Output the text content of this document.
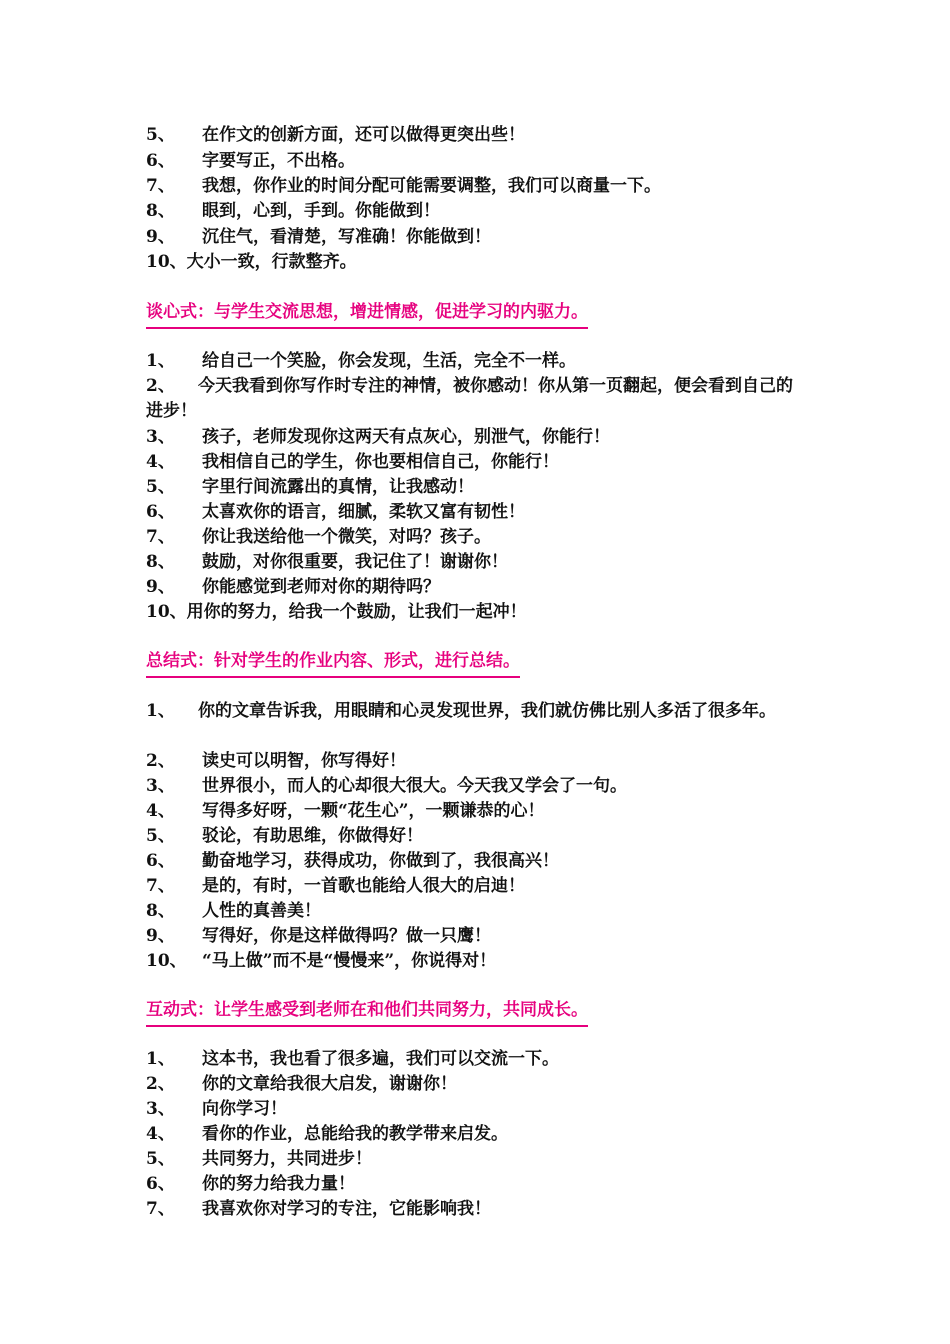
5、 在作文的创新方面，还可以做得更突出些！
6、 字要写正，不出格。
7、 我想，你作业的时间分配可能需要调整，我们可以商量一下。
8、 眼到，心到，手到。你能做到！
9、 沉住气，看清楚，写准确！你能做到！
10、大小一致，行款整齐。
谈心式：与学生交流思想，增进情感，促进学习的内驱力。
1、 给自己一个笑脸，你会发现，生活，完全不一样。
2、 今天我看到你写作时专注的神情，被你感动！你从第一页翻起，便会看到自己的进步！
3、 孩子，老师发现你这两天有点灰心，别泄气，你能行！
4、 我相信自己的学生，你也要相信自己，你能行！
5、 字里行间流露出的真情，让我感动！
6、 太喜欢你的语言，细腻，柔软又富有韧性！
7、 你让我送给他一个微笑，对吗？孩子。
8、 鼓励，对你很重要，我记住了！谢谢你！
9、 你能感觉到老师对你的期待吗？
10、用你的努力，给我一个鼓励，让我们一起冲！
总结式：针对学生的作业内容、形式，进行总结。
1、 你的文章告诉我，用眼睛和心灵发现世界，我们就仿佛比别人多活了很多年。
2、 读史可以明智，你写得好！
3、 世界很小，而人的心却很大很大。今天我又学会了一句。
4、 写得多好呀，一颗“花生心”，一颗谦恭的心！
5、 驳论，有助思维，你做得好！
6、 勤奋地学习，获得成功，你做到了，我很高兴！
7、 是的，有时，一首歌也能给人很大的启迪！
8、 人性的真善美！
9、 写得好，你是这样做得吗？做一只鹰！
10、 “马上做”而不是“慢慢来”，你说得对！
互动式：让学生感受到老师在和他们共同努力，共同成长。
1、 这本书，我也看了很多遍，我们可以交流一下。
2、 你的文章给我很大启发，谢谢你！
3、 向你学习！
4、 看你的作业，总能给我的教学带来启发。
5、 共同努力，共同进步！
6、 你的努力给我力量！
7、 我喜欢你对学习的专注，它能影响我！
